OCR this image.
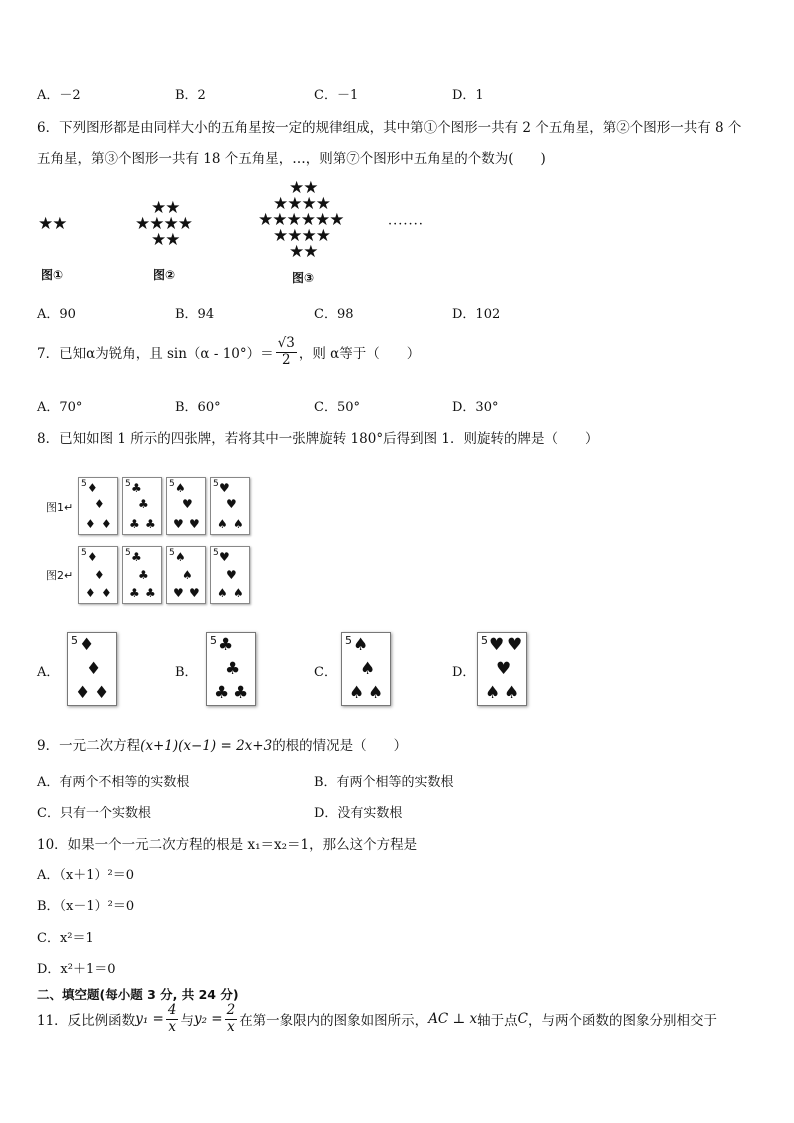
A．－2	B．2	C．－1	D．1
6．下列图形都是由同样大小的五角星按一定的规律组成，其中第①个图形一共有 2 个五角星，第②个图形一共有 8 个
五角星，第③个图形一共有 18 个五角星，…，则第⑦个图形中五角星的个数为(　　)
★★
★★
★★★★
★★
★★
★★★★
★★★★★★
★★★★
★★
·······
图①	图②	图③
A．90	B．94	C．98	D．102
7．已知α为锐角，且 $\sin(\alpha - 10^\circ)= \frac{√3}{2}$ ，则 α等于（　　）
A．70°	B．60°	C．50°	D．30°
8．已知如图 1 所示的四张牌，若将其中一张牌旋转 180°后得到图 1．则旋转的牌是（　　）
图1↵
图2↵
5 ♦
♦
♦ ♦
5 ♣
♣
♣ ♣
5 ♠
♥
♥ ♥
5 ♥
♥
♠ ♠
5 ♦
♦
♦ ♦
5 ♣
♣
♣ ♣
5 ♠
♠
♥ ♥
5 ♥
♥
♠ ♠
A．
5 ♦
♦
♦ ♦
B．
5 ♣
♣
♣ ♣
C．
5 ♠
♠
♠ ♠
D．
5 ♥ ♥
♥
♠ ♠
9．一元二次方程(x+1)(x−1) = 2x+3的根的情况是（　　）
A．有两个不相等的实数根	B．有两个相等的实数根
C．只有一个实数根	D．没有实数根
10．如果一个一元二次方程的根是 x₁＝x₂＝1，那么这个方程是
A．（x＋1）²＝0
B．（x－1）²＝0
C．x²＝1
D．x²＋1＝0
二、填空题(每小题 3 分, 共 24 分)
11．反比例函数$y_1 = \frac{4}{x}$ 与$y_2 = \frac{2}{x}$ 在第一象限内的图象如图所示，AC ⊥ x轴于点C，与两个函数的图象分别相交于
